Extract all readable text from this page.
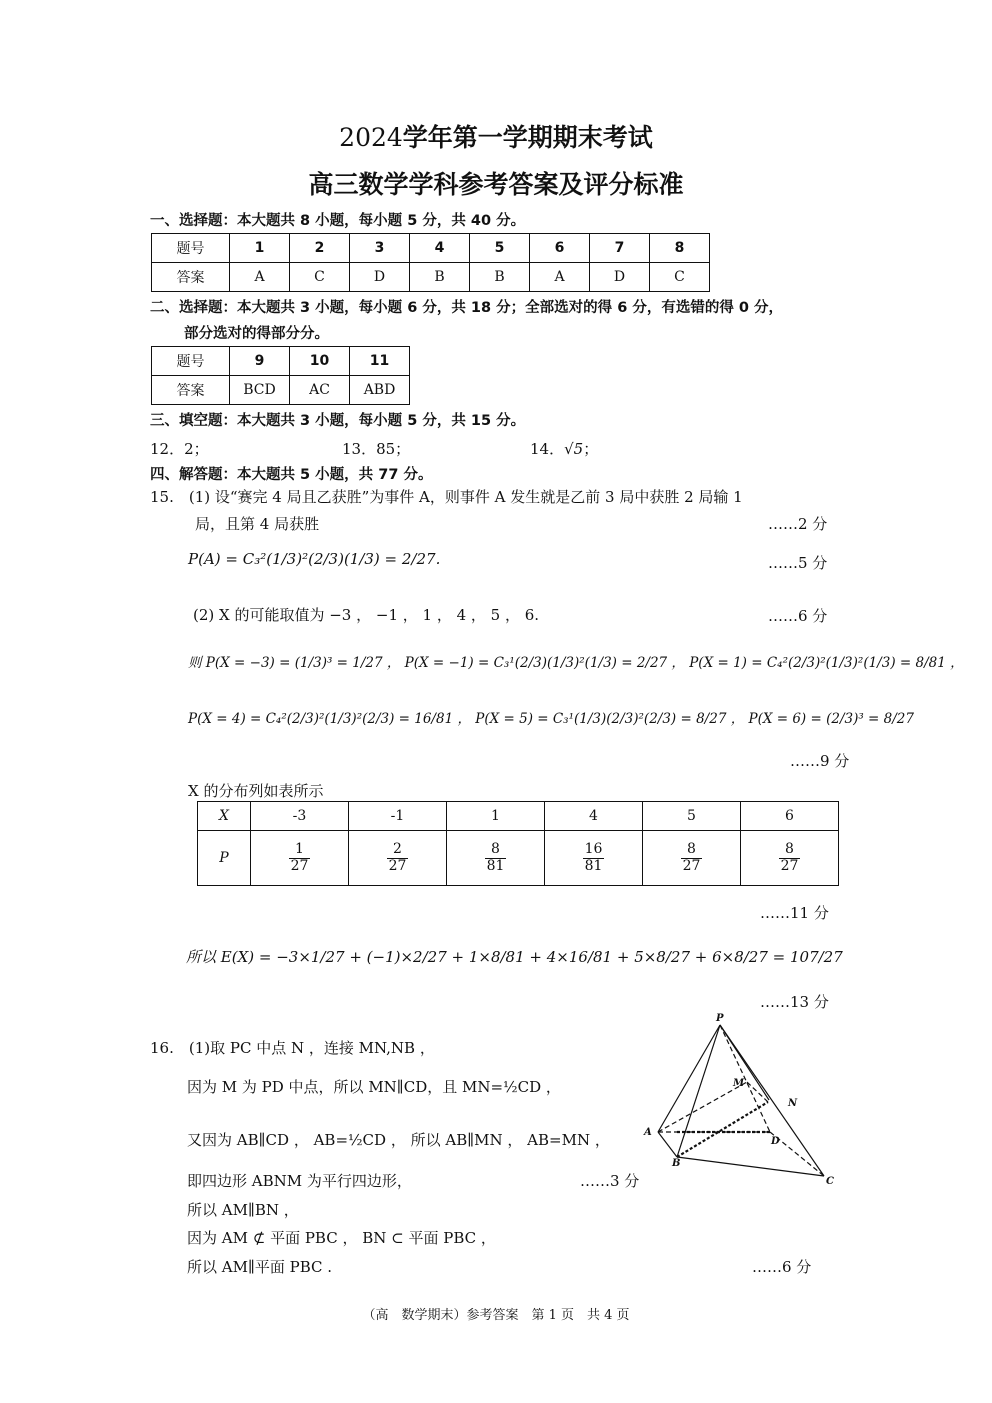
2024学年第一学期期末考试
高三数学学科参考答案及评分标准
一、选择题：本大题共 8 小题，每小题 5 分，共 40 分。
题号	1	2	3	4	5	6	7	8
答案	A	C	D	B	B	A	D	C
二、选择题：本大题共 3 小题，每小题 6 分，共 18 分；全部选对的得 6 分，有选错的得 0 分，
部分选对的得部分分。
题号	9	10	11
答案	BCD	AC	ABD
三、填空题：本大题共 3 小题，每小题 5 分，共 15 分。
12．2；	13．85；	14．√5；
四、解答题：本大题共 5 小题，共 77 分。
15.　(1) 设“赛完 4 局且乙获胜”为事件 A，则事件 A 发生就是乙前 3 局中获胜 2 局输 1
局，且第 4 局获胜	……2 分
P(A) = C₃²(1/3)²(2/3)(1/3) = 2/27.	……5 分
(2) X 的可能取值为 −3 ， −1 ， 1 ， 4 ， 5 ， 6.	……6 分
则 P(X = −3) = (1/3)³ = 1/27 ， P(X = −1) = C₃¹(2/3)(1/3)²(1/3) = 2/27 ， P(X = 1) = C₄²(2/3)²(1/3)²(1/3) = 8/81 ，
P(X = 4) = C₄²(2/3)²(1/3)²(2/3) = 16/81 ， P(X = 5) = C₃¹(1/3)(2/3)²(2/3) = 8/27 ， P(X = 6) = (2/3)³ = 8/27
……9 分
X 的分布列如表所示
X	-3	-1	1	4	5	6
P	$\frac{1}{27}$	$\frac{2}{27}$	$\frac{8}{81}$	$\frac{16}{81}$	$\frac{8}{27}$	$\frac{8}{27}$
……11 分
所以 E(X) = −3×1/27 + (−1)×2/27 + 1×8/81 + 4×16/81 + 5×8/27 + 6×8/27 = 107/27
……13 分
16.　(1)取 PC 中点 N ，连接 MN,NB ，
因为 M 为 PD 中点，所以 MN∥CD，且 MN=½CD ，
又因为 AB∥CD ， AB=½CD ， 所以 AB∥MN ， AB=MN ，
即四边形 ABNM 为平行四边形，	……3 分
所以 AM∥BN ，
因为 AM ⊄ 平面 PBC ， BN ⊂ 平面 PBC ，
所以 AM∥平面 PBC .	……6 分
P
M
N
A
B
D
C
（高　数学期末）参考答案　第 1 页　共 4 页
